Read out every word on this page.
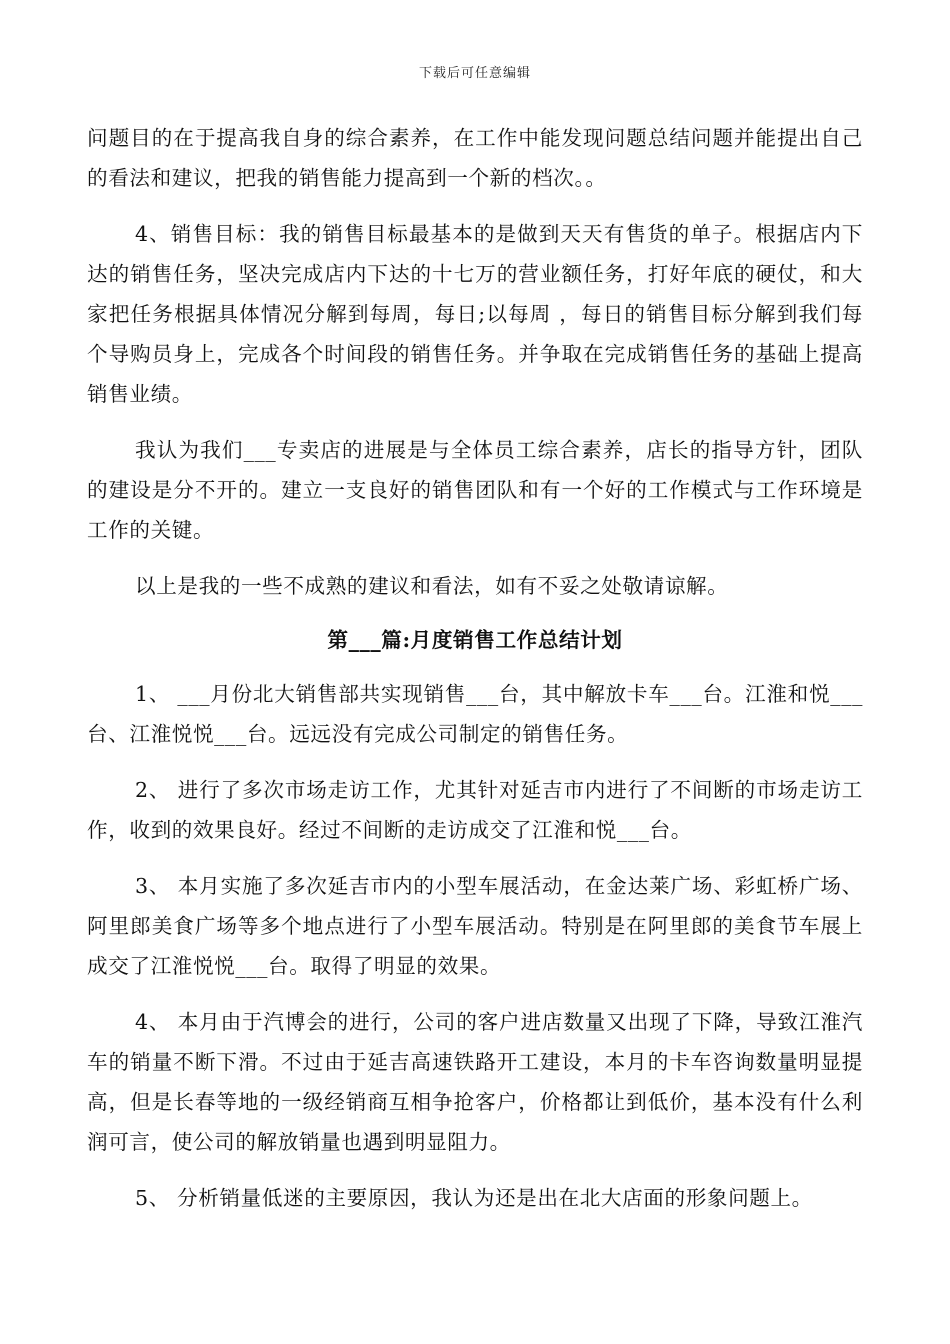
下载后可任意编辑

问题目的在于提高我自身的综合素养，在工作中能发现问题总结问题并能提出自己的看法和建议，把我的销售能力提高到一个新的档次。。

4、销售目标：我的销售目标最基本的是做到天天有售货的单子。根据店内下达的销售任务，坚决完成店内下达的十七万的营业额任务，打好年底的硬仗，和大家把任务根据具体情况分解到每周，每日;以每周 ，每日的销售目标分解到我们每个导购员身上，完成各个时间段的销售任务。并争取在完成销售任务的基础上提高销售业绩。

我认为我们___专卖店的进展是与全体员工综合素养，店长的指导方针，团队的建设是分不开的。建立一支良好的销售团队和有一个好的工作模式与工作环境是工作的关键。

以上是我的一些不成熟的建议和看法，如有不妥之处敬请谅解。

第___篇:月度销售工作总结计划

1、 ___月份北大销售部共实现销售___台，其中解放卡车___台。江淮和悦___台、江淮悦悦___台。远远没有完成公司制定的销售任务。

2、 进行了多次市场走访工作，尤其针对延吉市内进行了不间断的市场走访工作，收到的效果良好。经过不间断的走访成交了江淮和悦___台。

3、 本月实施了多次延吉市内的小型车展活动，在金达莱广场、彩虹桥广场、阿里郎美食广场等多个地点进行了小型车展活动。特别是在阿里郎的美食节车展上成交了江淮悦悦___台。取得了明显的效果。

4、 本月由于汽博会的进行，公司的客户进店数量又出现了下降，导致江淮汽车的销量不断下滑。不过由于延吉高速铁路开工建设，本月的卡车咨询数量明显提高，但是长春等地的一级经销商互相争抢客户，价格都让到低价，基本没有什么利润可言，使公司的解放销量也遇到明显阻力。

5、 分析销量低迷的主要原因，我认为还是出在北大店面的形象问题上。
